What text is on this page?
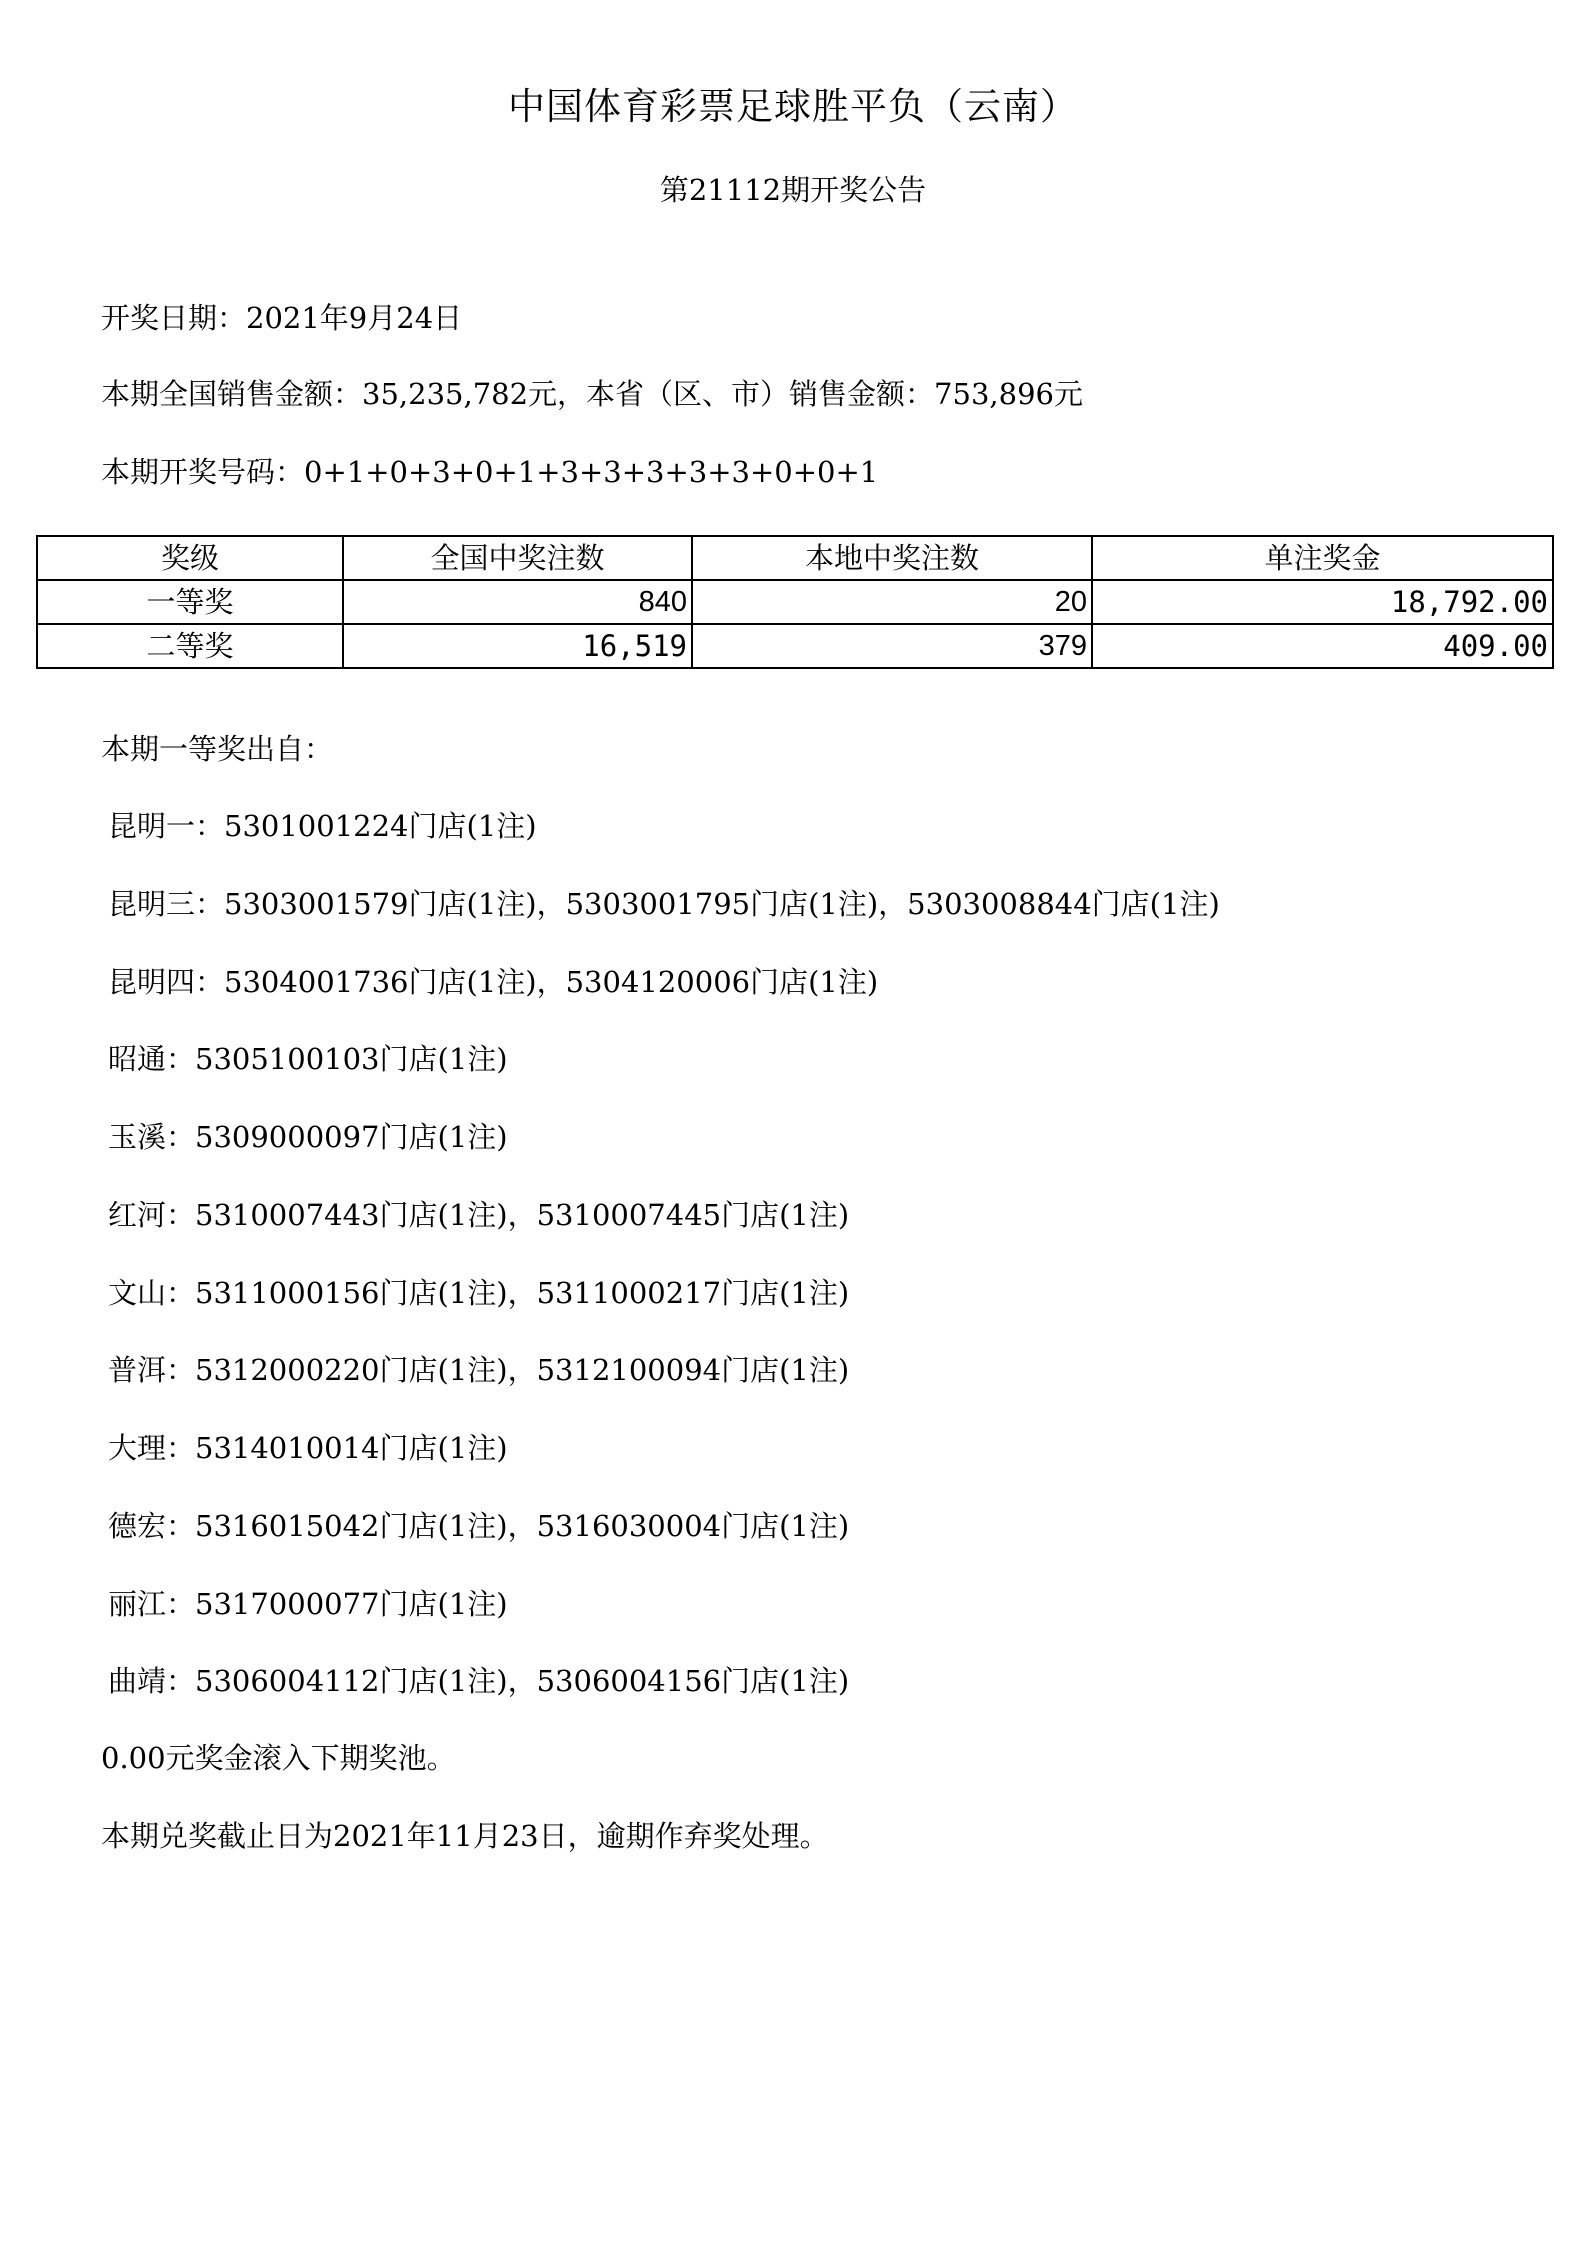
中国体育彩票足球胜平负（云南）
第21112期开奖公告
开奖日期：2021年9月24日
本期全国销售金额：35,235,782元，本省（区、市）销售金额：753,896元
本期开奖号码：0+1+0+3+0+1+3+3+3+3+3+0+0+1
奖级	全国中奖注数	本地中奖注数	单注奖金
一等奖	840	20	18,792.00
二等奖	16,519	379	409.00
本期一等奖出自：
昆明一：5301001224门店(1注)
昆明三：5303001579门店(1注)，5303001795门店(1注)，5303008844门店(1注)
昆明四：5304001736门店(1注)，5304120006门店(1注)
昭通：5305100103门店(1注)
玉溪：5309000097门店(1注)
红河：5310007443门店(1注)，5310007445门店(1注)
文山：5311000156门店(1注)，5311000217门店(1注)
普洱：5312000220门店(1注)，5312100094门店(1注)
大理：5314010014门店(1注)
德宏：5316015042门店(1注)，5316030004门店(1注)
丽江：5317000077门店(1注)
曲靖：5306004112门店(1注)，5306004156门店(1注)
0.00元奖金滚入下期奖池。
本期兑奖截止日为2021年11月23日，逾期作弃奖处理。
